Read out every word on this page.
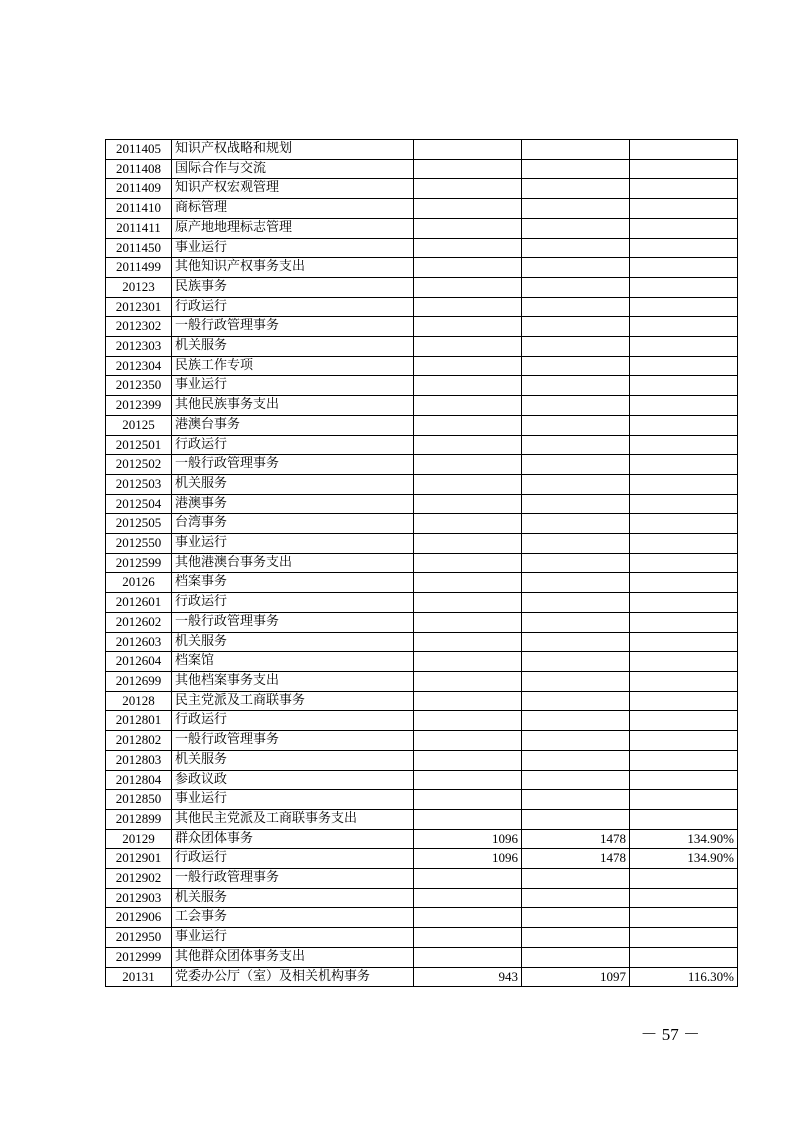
2011405	知识产权战略和规划			
2011408	国际合作与交流			
2011409	知识产权宏观管理			
2011410	商标管理			
2011411	原产地地理标志管理			
2011450	事业运行			
2011499	其他知识产权事务支出			
20123	民族事务			
2012301	行政运行			
2012302	一般行政管理事务			
2012303	机关服务			
2012304	民族工作专项			
2012350	事业运行			
2012399	其他民族事务支出			
20125	港澳台事务			
2012501	行政运行			
2012502	一般行政管理事务			
2012503	机关服务			
2012504	港澳事务			
2012505	台湾事务			
2012550	事业运行			
2012599	其他港澳台事务支出			
20126	档案事务			
2012601	行政运行			
2012602	一般行政管理事务			
2012603	机关服务			
2012604	档案馆			
2012699	其他档案事务支出			
20128	民主党派及工商联事务			
2012801	行政运行			
2012802	一般行政管理事务			
2012803	机关服务			
2012804	参政议政			
2012850	事业运行			
2012899	其他民主党派及工商联事务支出			
20129	群众团体事务	1096	1478	134.90%
2012901	行政运行	1096	1478	134.90%
2012902	一般行政管理事务			
2012903	机关服务			
2012906	工会事务			
2012950	事业运行			
2012999	其他群众团体事务支出			
20131	党委办公厅（室）及相关机构事务	943	1097	116.30%
－ 57 －
